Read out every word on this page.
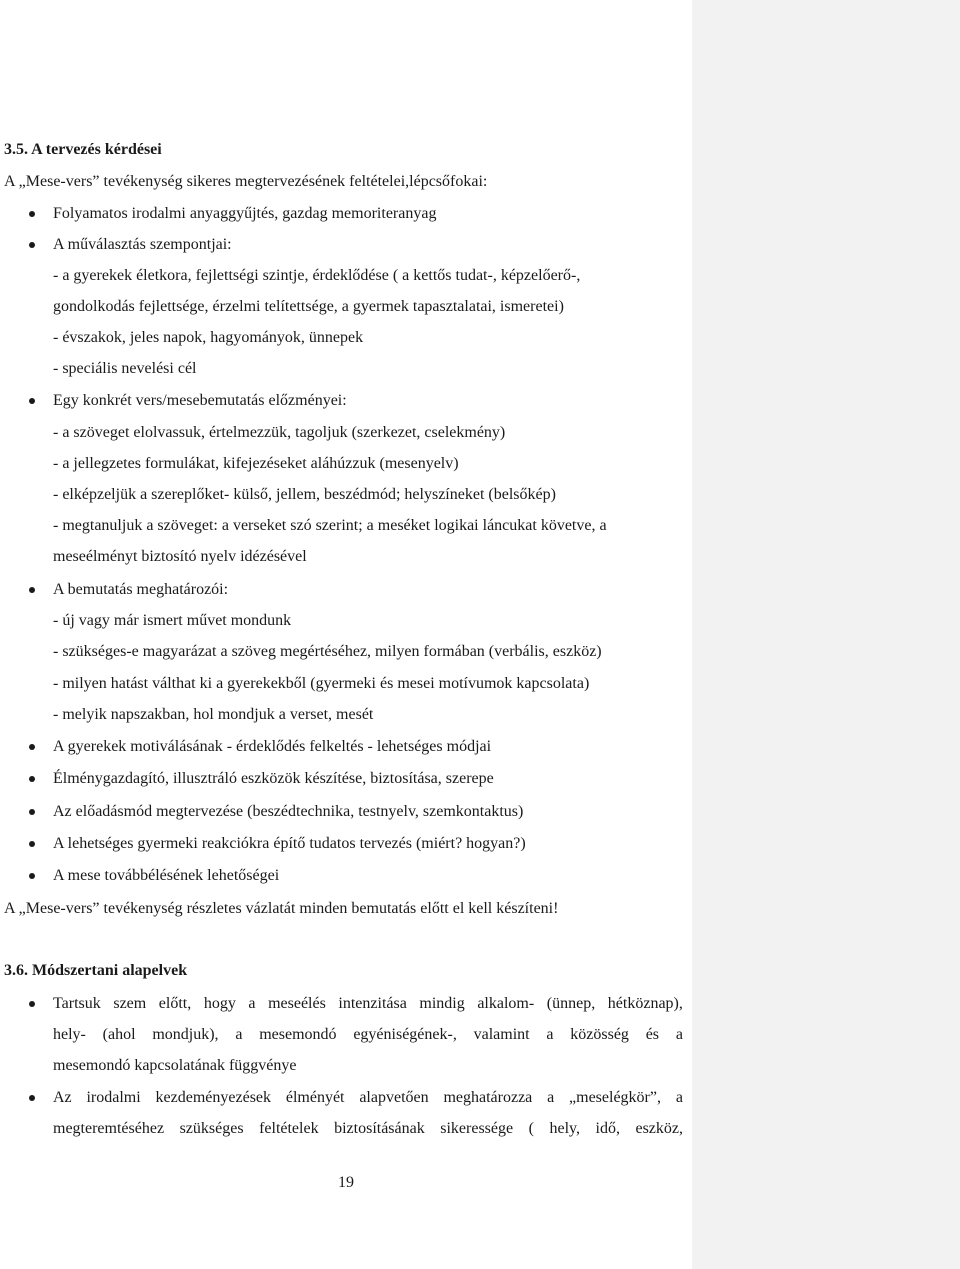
3.5. A tervezés kérdései
A „Mese-vers” tevékenység sikeres megtervezésének feltételei,lépcsőfokai:
Folyamatos irodalmi anyaggyűjtés, gazdag memoriteranyag
A műválasztás szempontjai:
- a gyerekek életkora, fejlettségi szintje, érdeklődése ( a kettős tudat-, képzelőerő-,
gondolkodás fejlettsége, érzelmi telítettsége, a gyermek tapasztalatai, ismeretei)
- évszakok, jeles napok, hagyományok, ünnepek
- speciális nevelési cél
Egy konkrét vers/mesebemutatás előzményei:
- a szöveget elolvassuk, értelmezzük, tagoljuk (szerkezet, cselekmény)
- a jellegzetes formulákat, kifejezéseket aláhúzzuk (mesenyelv)
- elképzeljük a szereplőket- külső, jellem, beszédmód; helyszíneket (belsőkép)
- megtanuljuk a szöveget: a verseket szó szerint; a meséket logikai láncukat követve, a
meseélményt biztosító nyelv idézésével
A bemutatás meghatározói:
- új vagy már ismert művet mondunk
- szükséges-e magyarázat a szöveg megértéséhez, milyen formában (verbális, eszköz)
- milyen hatást válthat ki a gyerekekből (gyermeki és mesei motívumok kapcsolata)
- melyik napszakban, hol mondjuk a verset, mesét
A gyerekek motiválásának - érdeklődés felkeltés - lehetséges módjai
Élménygazdagító, illusztráló eszközök készítése, biztosítása, szerepe
Az előadásmód megtervezése (beszédtechnika, testnyelv, szemkontaktus)
A lehetséges gyermeki reakciókra építő tudatos tervezés (miért? hogyan?)
A mese továbbélésének lehetőségei
A „Mese-vers” tevékenység részletes vázlatát minden bemutatás előtt el kell készíteni!
3.6. Módszertani alapelvek
Tartsuk szem előtt, hogy a meseélés intenzitása mindig alkalom- (ünnep, hétköznap),
hely- (ahol mondjuk), a mesemondó egyéniségének-, valamint a közösség és a
mesemondó kapcsolatának függvénye
Az irodalmi kezdeményezések élményét alapvetően meghatározza a „meselégkör”, a
megteremtéséhez szükséges feltételek biztosításának sikeressége ( hely, idő, eszköz,
19
